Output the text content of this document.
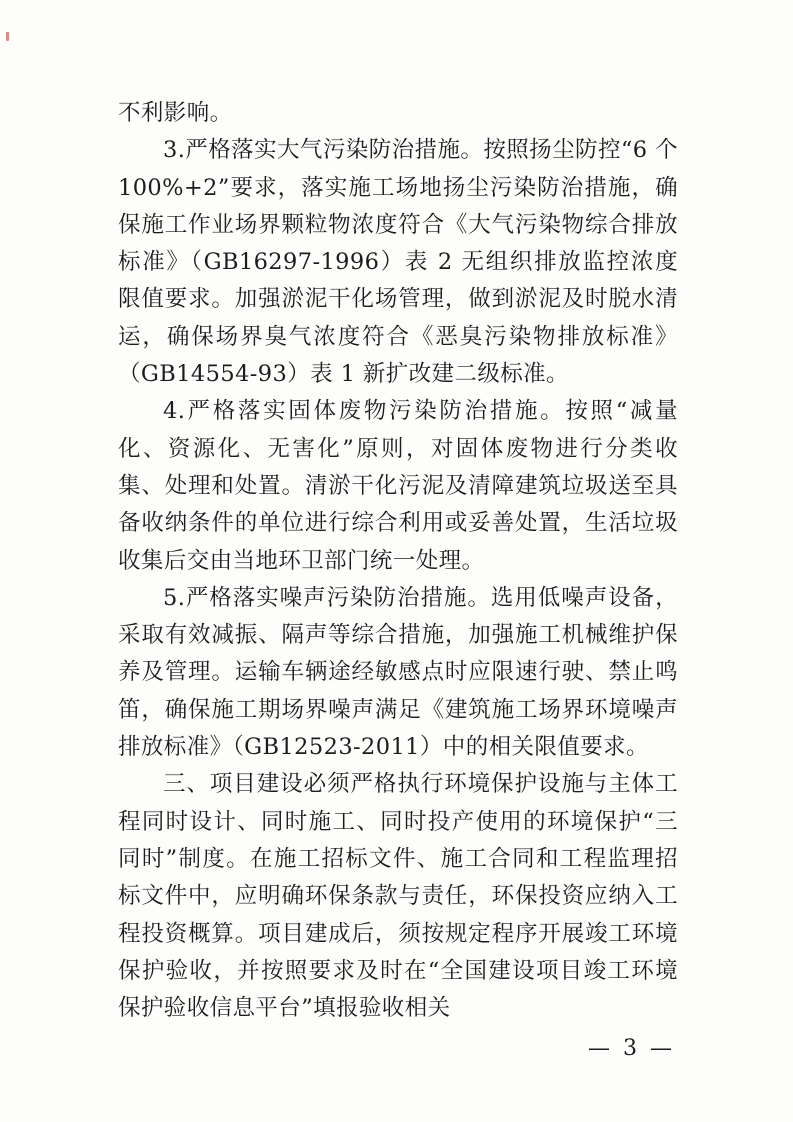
不利影响。

3.严格落实大气污染防治措施。按照扬尘防控“6 个100%+2”要求，落实施工场地扬尘污染防治措施，确保施工作业场界颗粒物浓度符合《大气污染物综合排放标准》（GB16297-1996）表 2 无组织排放监控浓度限值要求。加强淤泥干化场管理，做到淤泥及时脱水清运，确保场界臭气浓度符合《恶臭污染物排放标准》（GB14554-93）表 1 新扩改建二级标准。

4.严格落实固体废物污染防治措施。按照“减量化、资源化、无害化”原则，对固体废物进行分类收集、处理和处置。清淤干化污泥及清障建筑垃圾送至具备收纳条件的单位进行综合利用或妥善处置，生活垃圾收集后交由当地环卫部门统一处理。

5.严格落实噪声污染防治措施。选用低噪声设备，采取有效减振、隔声等综合措施，加强施工机械维护保养及管理。运输车辆途经敏感点时应限速行驶、禁止鸣笛，确保施工期场界噪声满足《建筑施工场界环境噪声排放标准》（GB12523-2011）中的相关限值要求。

三、项目建设必须严格执行环境保护设施与主体工程同时设计、同时施工、同时投产使用的环境保护“三同时”制度。在施工招标文件、施工合同和工程监理招标文件中，应明确环保条款与责任，环保投资应纳入工程投资概算。项目建成后，须按规定程序开展竣工环境保护验收，并按照要求及时在“全国建设项目竣工环境保护验收信息平台”填报验收相关

— 3 —
